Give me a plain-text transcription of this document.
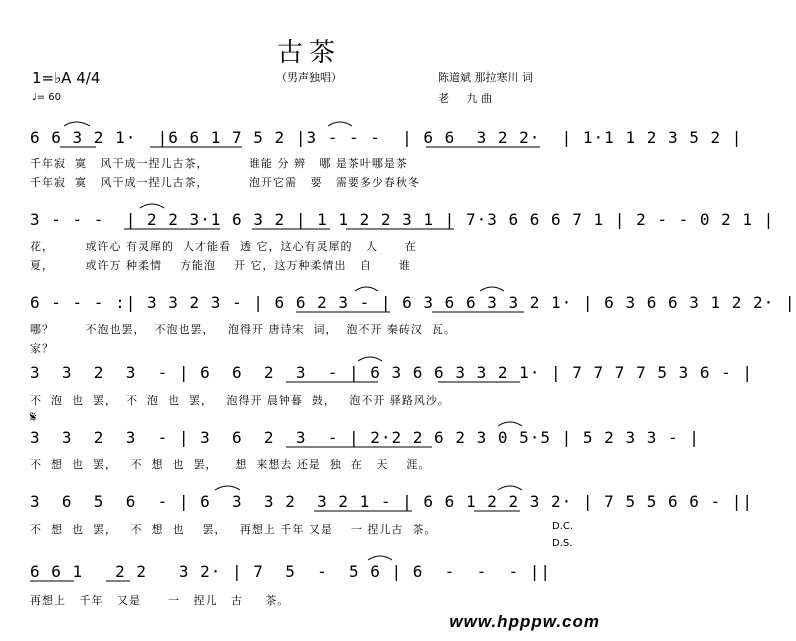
古茶
（男声独唱）
1=♭A 4/4
♩= 60
陈道斌 那拉寒川 词
老     九 曲
6 6 3 2 1·  |6 6 1 7 5 2 |3 - - -  | 6 6  3 2 2·  | 1·1 1 2 3 5 2 |
千年寂  寞   风干成一捏儿古茶，         谁能 分 辨   哪 是茶叶哪是茶
千年寂  寞   风干成一捏儿古茶，         泡开它需   要   需要多少春秋冬
3 - - -  | 2 2 3·1 6 3 2 | 1 1 2 2 3 1 | 7·3 6 6 6 7 1 | 2 - - 0 2 1 |
花，       或许心 有灵犀的  人才能看  透 它，这心有灵犀的   人      在
夏，       或许万 种柔情    方能泡    开 它，这万种柔情出   自      谁
6 - - - :| 3 3 2 3 - | 6 6 2 3 - | 6 3 6 6 3 3 2 1· | 6 3 6 6 3 1 2 2· |
哪？       不泡也罢，  不泡也罢，   泡得开 唐诗宋  词，  泡不开 秦砖汉  瓦。
家？
3  3  2  3  - | 6  6  2  3  - | 6 3 6 6 3 3 2 1· | 7 7 7 7 5 3 6 - |
不  泡  也  罢，  不  泡  也  罢，   泡得开 晨钟暮  鼓，   泡不开 驿路风沙。
𝄋
3  3  2  3  - | 3  6  2  3  - | 2·2 2 6 2 3 0 5·5 | 5 2 3 3 - |
不  想  也  罢，   不  想  也  罢，    想  来想去 还是  独  在   天    涯。
3  6  5  6  - | 6  3  3 2  3 2 1 - | 6 6 1 2 2 3 2· | 7 5 5 6 6 - ||
不  想  也  罢，   不  想  也    罢，   再想上 千年 又是    一 捏儿古  茶。	D.C.
D.S.
6 6 1   2 2   3 2· | 7  5  -  5 6 | 6  -  -  - ||
再想上   千年   又是      一   捏儿   古     茶。
www.hpppw.com
